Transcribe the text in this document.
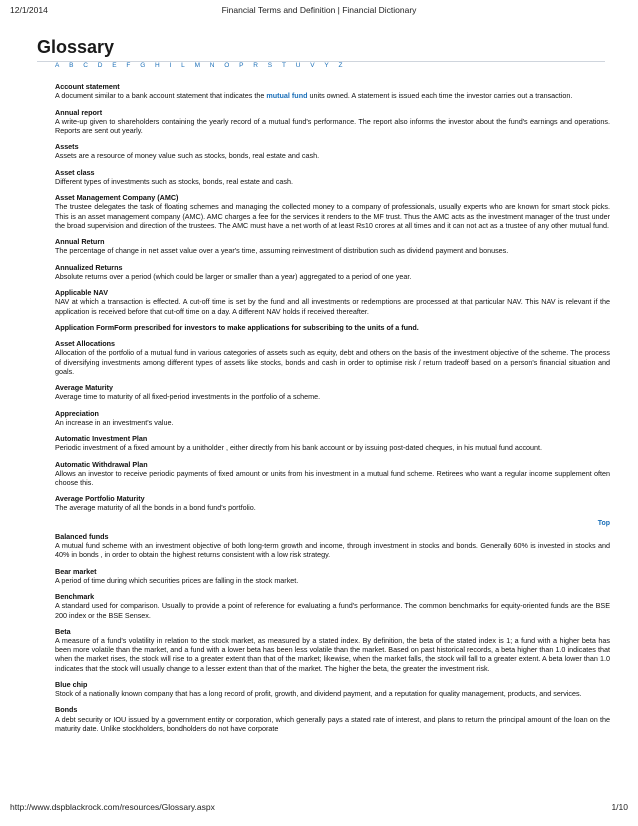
12/1/2014	Financial Terms and Definition | Financial Dictionary
Glossary
A B C D E F G H I L M N O P R S T U V Y Z
Account statement
A document similar to a bank account statement that indicates the mutual fund units owned. A statement is issued each time the investor carries out a transaction.
Annual report
A write-up given to shareholders containing the yearly record of a mutual fund's performance. The report also informs the investor about the fund's earnings and operations. Reports are sent out yearly.
Assets
Assets are a resource of money value such as stocks, bonds, real estate and cash.
Asset class
Different types of investments such as stocks, bonds, real estate and cash.
Asset Management Company (AMC)
The trustee delegates the task of floating schemes and managing the collected money to a company of professionals, usually experts who are known for smart stock picks. This is an asset management company (AMC). AMC charges a fee for the services it renders to the MF trust. Thus the AMC acts as the investment manager of the trust under the broad supervision and direction of the trustees. The AMC must have a net worth of at least Rs10 crores at all times and it can not act as a trustee of any other mutual fund.
Annual Return
The percentage of change in net asset value over a year's time, assuming reinvestment of distribution such as dividend payment and bonuses.
Annualized Returns
Absolute returns over a period (which could be larger or smaller than a year) aggregated to a period of one year.
Applicable NAV
NAV at which a transaction is effected. A cut-off time is set by the fund and all investments or redemptions are processed at that particular NAV. This NAV is relevant if the application is received before that cut-off time on a day. A different NAV holds if received thereafter.
Application FormForm prescribed for investors to make applications for subscribing to the units of a fund.
Asset Allocations
Allocation of the portfolio of a mutual fund in various categories of assets such as equity, debt and others on the basis of the investment objective of the scheme. The process of diversifying investments among different types of assets like stocks, bonds and cash in order to optimise risk / return tradeoff based on a person's financial situation and goals.
Average Maturity
Average time to maturity of all fixed-period investments in the portfolio of a scheme.
Appreciation
An increase in an investment's value.
Automatic Investment Plan
Periodic investment of a fixed amount by a unitholder , either directly from his bank account or by issuing post-dated cheques, in his mutual fund account.
Automatic Withdrawal Plan
Allows an investor to receive periodic payments of fixed amount or units from his investment in a mutual fund scheme. Retirees who want a regular income supplement often choose this.
Average Portfolio Maturity
The average maturity of all the bonds in a bond fund's portfolio.
Top
Balanced funds
A mutual fund scheme with an investment objective of both long-term growth and income, through investment in stocks and bonds. Generally 60% is invested in stocks and 40% in bonds , in order to obtain the highest returns consistent with a low risk strategy.
Bear market
A period of time during which securities prices are falling in the stock market.
Benchmark
A standard used for comparison. Usually to provide a point of reference for evaluating a fund's performance. The common benchmarks for equity-oriented funds are the BSE 200 index or the BSE Sensex.
Beta
A measure of a fund's volatility in relation to the stock market, as measured by a stated index. By definition, the beta of the stated index is 1; a fund with a higher beta has been more volatile than the market, and a fund with a lower beta has been less volatile than the market. Based on past historical records, a beta higher than 1.0 indicates that when the market rises, the stock will rise to a greater extent than that of the market; likewise, when the market falls, the stock will fall to a greater extent. A beta lower than 1.0 indicates that the stock will usually change to a lesser extent than that of the market. The higher the beta, the greater the investment risk.
Blue chip
Stock of a nationally known company that has a long record of profit, growth, and dividend payment, and a reputation for quality management, products, and services.
Bonds
A debt security or IOU issued by a government entity or corporation, which generally pays a stated rate of interest, and plans to return the principal amount of the loan on the maturity date. Unlike stockholders, bondholders do not have corporate
http://www.dspblackrock.com/resources/Glossary.aspx	1/10
